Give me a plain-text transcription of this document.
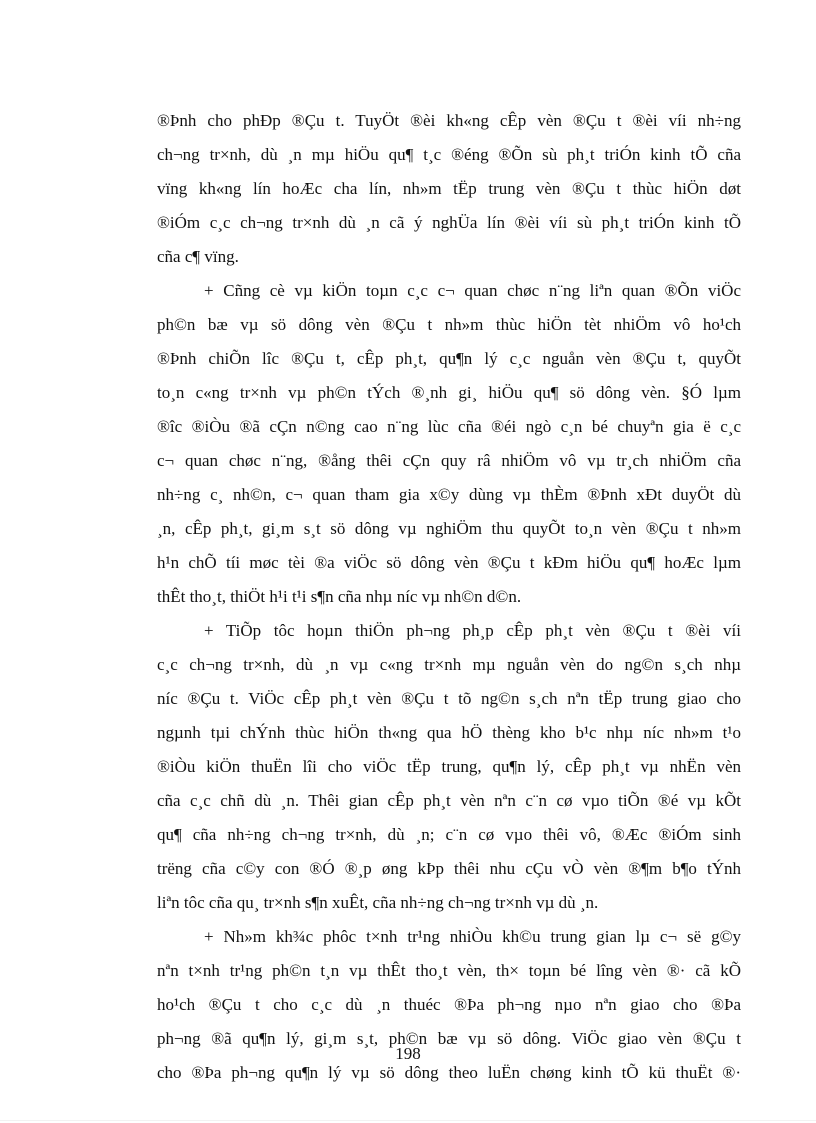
®Þnh cho phÐp ®Çu t. TuyÖt ®èi kh«ng cÊp vèn ®Çu t ®èi víi nh÷ng
ch¬ng tr×nh, dù ¸n mµ hiÖu qu¶ t¸c ®éng ®Õn sù ph¸t triÓn kinh tÕ cña
vïng kh«ng lín hoÆc cha lín, nh»m tËp trung vèn ®Çu t thùc hiÖn døt
®iÓm c¸c ch¬ng tr×nh dù ¸n cã ý nghÜa lín ®èi víi sù ph¸t triÓn kinh tÕ
cña c¶ vïng.
+ Cñng cè vµ kiÖn toµn c¸c c¬ quan chøc n¨ng liªn quan ®Õn viÖc
ph©n bæ vµ sö dông vèn ®Çu t nh»m thùc hiÖn tèt nhiÖm vô ho¹ch
®Þnh chiÕn lîc ®Çu t, cÊp ph¸t, qu¶n lý c¸c nguån vèn ®Çu t, quyÕt
to¸n c«ng tr×nh vµ ph©n tÝch ®¸nh gi¸ hiÖu qu¶ sö dông vèn. §Ó lµm
®îc ®iÒu ®ã cÇn n©ng cao n¨ng lùc cña ®éi ngò c¸n bé chuyªn gia ë c¸c
c¬ quan chøc n¨ng, ®ång thêi cÇn quy râ nhiÖm vô vµ tr¸ch nhiÖm cña
nh÷ng c¸ nh©n, c¬ quan tham gia x©y dùng vµ thÈm ®Þnh xÐt duyÖt dù
¸n, cÊp ph¸t, gi¸m s¸t sö dông vµ nghiÖm thu quyÕt to¸n vèn ®Çu t nh»m
h¹n chÕ tíi møc tèi ®a viÖc sö dông vèn ®Çu t kÐm hiÖu qu¶ hoÆc lµm
thÊt tho¸t, thiÖt h¹i t¹i s¶n cña nhµ níc vµ nh©n d©n.
+ TiÕp tôc hoµn thiÖn ph¬ng ph¸p cÊp ph¸t vèn ®Çu t ®èi víi
c¸c ch¬ng tr×nh, dù ¸n vµ c«ng tr×nh mµ nguån vèn do ng©n s¸ch nhµ
níc ®Çu t. ViÖc cÊp ph¸t vèn ®Çu t tõ ng©n s¸ch nªn tËp trung giao cho
ngµnh tµi chÝnh thùc hiÖn th«ng qua hÖ thèng kho b¹c nhµ níc nh»m t¹o
®iÒu kiÖn thuËn lîi cho viÖc tËp trung, qu¶n lý, cÊp ph¸t vµ nhËn vèn
cña c¸c chñ dù ¸n. Thêi gian cÊp ph¸t vèn nªn c¨n cø vµo tiÕn ®é vµ kÕt
qu¶ cña nh÷ng ch¬ng tr×nh, dù ¸n; c¨n cø vµo thêi vô, ®Æc ®iÓm sinh
trëng cña c©y con ®Ó ®¸p øng kÞp thêi nhu cÇu vÒ vèn ®¶m b¶o tÝnh
liªn tôc cña qu¸ tr×nh s¶n xuÊt, cña nh÷ng ch¬ng tr×nh vµ dù ¸n.
+ Nh»m kh¾c phôc t×nh tr¹ng nhiÒu kh©u trung gian lµ c¬ së g©y
nªn t×nh tr¹ng ph©n t¸n vµ thÊt tho¸t vèn, th× toµn bé lîng vèn ®· cã kÕ
ho¹ch ®Çu t cho c¸c dù ¸n thuéc ®Þa ph¬ng nµo nªn giao cho ®Þa
ph¬ng ®ã qu¶n lý, gi¸m s¸t, ph©n bæ vµ sö dông. ViÖc giao vèn ®Çu t
cho ®Þa ph¬ng qu¶n lý vµ sö dông theo luËn chøng kinh tÕ kü thuËt ®·
198
